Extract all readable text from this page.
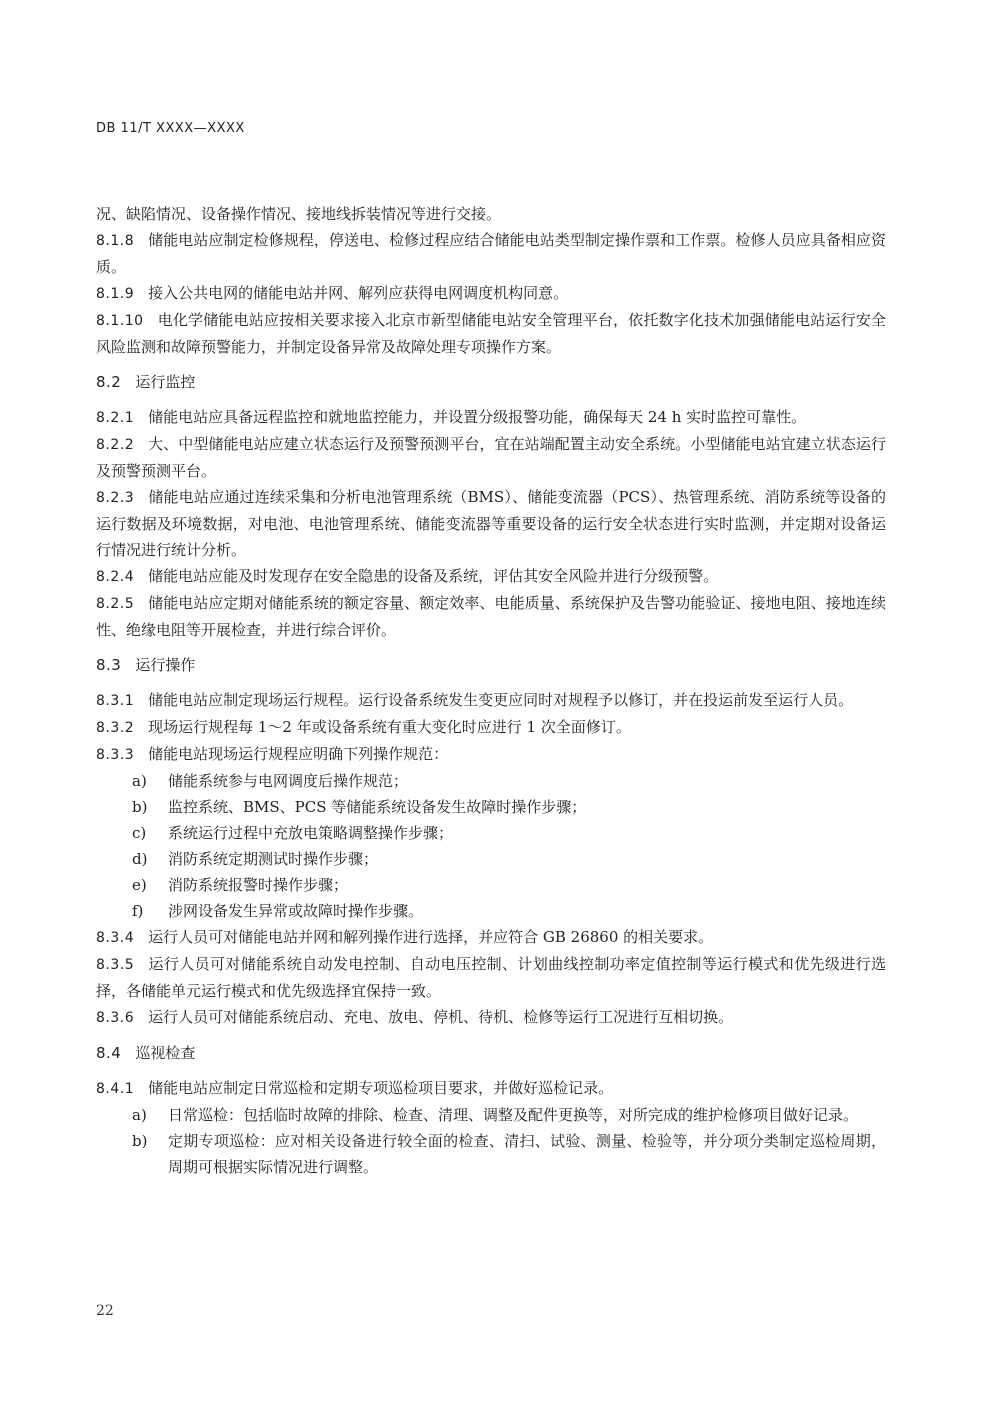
DB 11/T XXXX—XXXX

况、缺陷情况、设备操作情况、接地线拆装情况等进行交接。

8.1.8 储能电站应制定检修规程，停送电、检修过程应结合储能电站类型制定操作票和工作票。检修人员应具备相应资质。

8.1.9 接入公共电网的储能电站并网、解列应获得电网调度机构同意。

8.1.10 电化学储能电站应按相关要求接入北京市新型储能电站安全管理平台，依托数字化技术加强储能电站运行安全风险监测和故障预警能力，并制定设备异常及故障处理专项操作方案。

8.2 运行监控

8.2.1 储能电站应具备远程监控和就地监控能力，并设置分级报警功能，确保每天 24 h 实时监控可靠性。

8.2.2 大、中型储能电站应建立状态运行及预警预测平台，宜在站端配置主动安全系统。小型储能电站宜建立状态运行及预警预测平台。

8.2.3 储能电站应通过连续采集和分析电池管理系统（BMS）、储能变流器（PCS）、热管理系统、消防系统等设备的运行数据及环境数据，对电池、电池管理系统、储能变流器等重要设备的运行安全状态进行实时监测，并定期对设备运行情况进行统计分析。

8.2.4 储能电站应能及时发现存在安全隐患的设备及系统，评估其安全风险并进行分级预警。

8.2.5 储能电站应定期对储能系统的额定容量、额定效率、电能质量、系统保护及告警功能验证、接地电阻、接地连续性、绝缘电阻等开展检查，并进行综合评价。

8.3 运行操作

8.3.1 储能电站应制定现场运行规程。运行设备系统发生变更应同时对规程予以修订，并在投运前发至运行人员。

8.3.2 现场运行规程每 1～2 年或设备系统有重大变化时应进行 1 次全面修订。

8.3.3 储能电站现场运行规程应明确下列操作规范：

a)	储能系统参与电网调度后操作规范；
b)	监控系统、BMS、PCS 等储能系统设备发生故障时操作步骤；
c)	系统运行过程中充放电策略调整操作步骤；
d)	消防系统定期测试时操作步骤；
e)	消防系统报警时操作步骤；
f)	涉网设备发生异常或故障时操作步骤。

8.3.4 运行人员可对储能电站并网和解列操作进行选择，并应符合 GB 26860 的相关要求。

8.3.5 运行人员可对储能系统自动发电控制、自动电压控制、计划曲线控制功率定值控制等运行模式和优先级进行选择，各储能单元运行模式和优先级选择宜保持一致。

8.3.6 运行人员可对储能系统启动、充电、放电、停机、待机、检修等运行工况进行互相切换。

8.4 巡视检查

8.4.1 储能电站应制定日常巡检和定期专项巡检项目要求，并做好巡检记录。

a)	日常巡检：包括临时故障的排除、检查、清理、调整及配件更换等，对所完成的维护检修项目做好记录。
b)	定期专项巡检：应对相关设备进行较全面的检查、清扫、试验、测量、检验等，并分项分类制定巡检周期，周期可根据实际情况进行调整。
22
